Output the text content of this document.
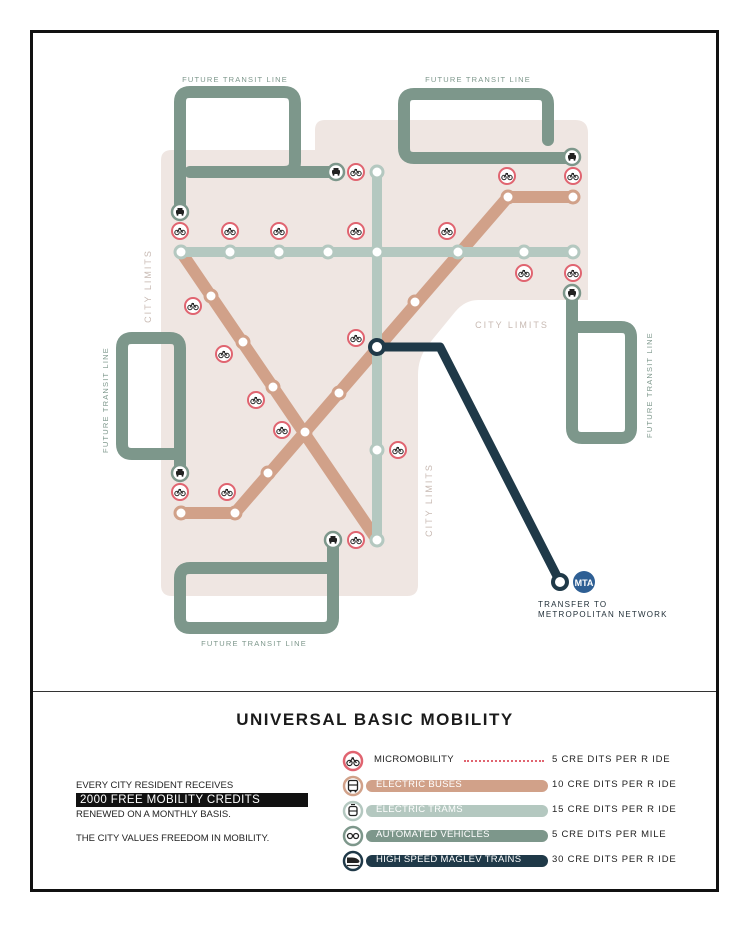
MTA
FUTURE TRANSIT LINE	FUTURE TRANSIT LINE
FUTURE TRANSIT LINE
FUTURE TRANSIT LINE	FUTURE TRANSIT LINE
CITY LIMITS
CITY LIMITS
CITY LIMITS
TRANSFER TO
METROPOLITAN NETWORK
UNIVERSAL BASIC MOBILITY
EVERY CITY RESIDENT RECEIVES
2000 FREE MOBILITY CREDITS
RENEWED ON A MONTHLY BASIS.
THE CITY VALUES FREEDOM IN MOBILITY.
MICROMOBILITY	5 CRE DITS PER R IDE
ELECTRIC BUSES	10 CRE DITS PER R IDE
ELECTRIC TRAMS	15 CRE DITS PER R IDE
AUTOMATED VEHICLES	5 CRE DITS PER MILE
HIGH SPEED MAGLEV TRAINS	30 CRE DITS PER R IDE
